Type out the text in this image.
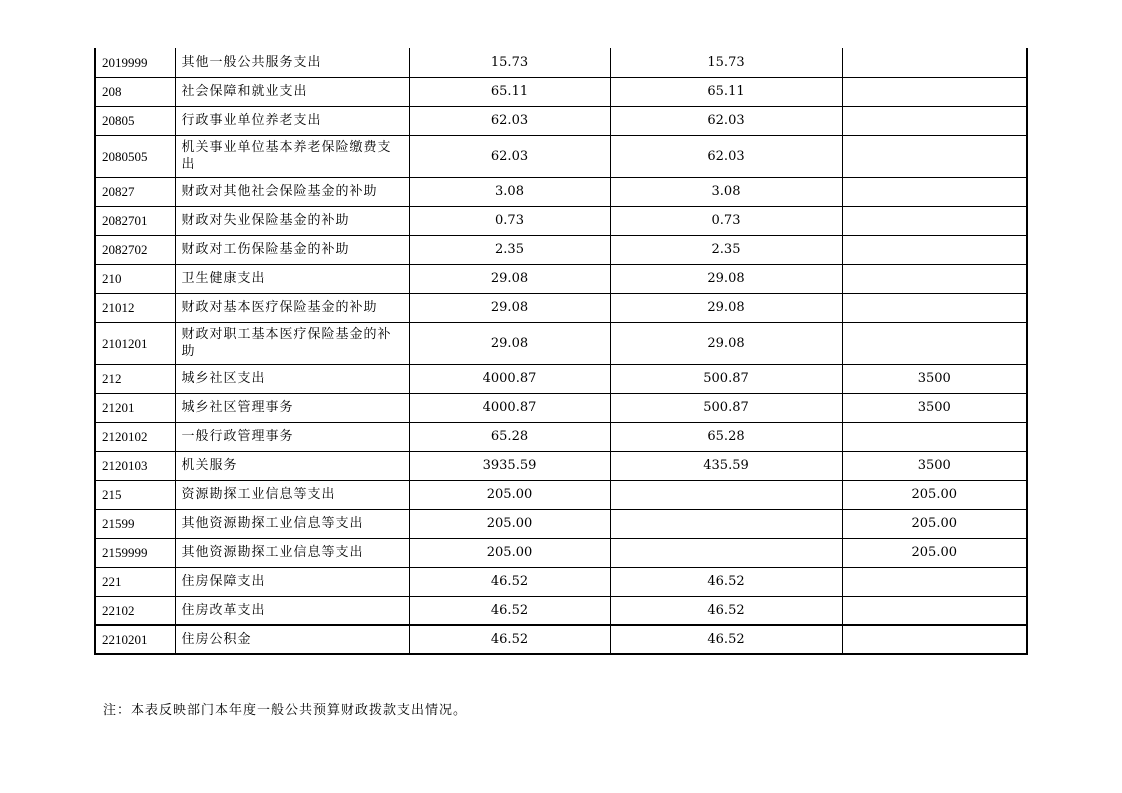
2019999	其他一般公共服务支出	15.73	15.73	
208	社会保障和就业支出	65.11	65.11	
20805	行政事业单位养老支出	62.03	62.03	
2080505	机关事业单位基本养老保险缴费支出	62.03	62.03	
20827	财政对其他社会保险基金的补助	3.08	3.08	
2082701	财政对失业保险基金的补助	0.73	0.73	
2082702	财政对工伤保险基金的补助	2.35	2.35	
210	卫生健康支出	29.08	29.08	
21012	财政对基本医疗保险基金的补助	29.08	29.08	
2101201	财政对职工基本医疗保险基金的补助	29.08	29.08	
212	城乡社区支出	4000.87	500.87	3500
21201	城乡社区管理事务	4000.87	500.87	3500
2120102	一般行政管理事务	65.28	65.28	
2120103	机关服务	3935.59	435.59	3500
215	资源勘探工业信息等支出	205.00		205.00
21599	其他资源勘探工业信息等支出	205.00		205.00
2159999	其他资源勘探工业信息等支出	205.00		205.00
221	住房保障支出	46.52	46.52	
22102	住房改革支出	46.52	46.52	
2210201	住房公积金	46.52	46.52	
注：本表反映部门本年度一般公共预算财政拨款支出情况。
